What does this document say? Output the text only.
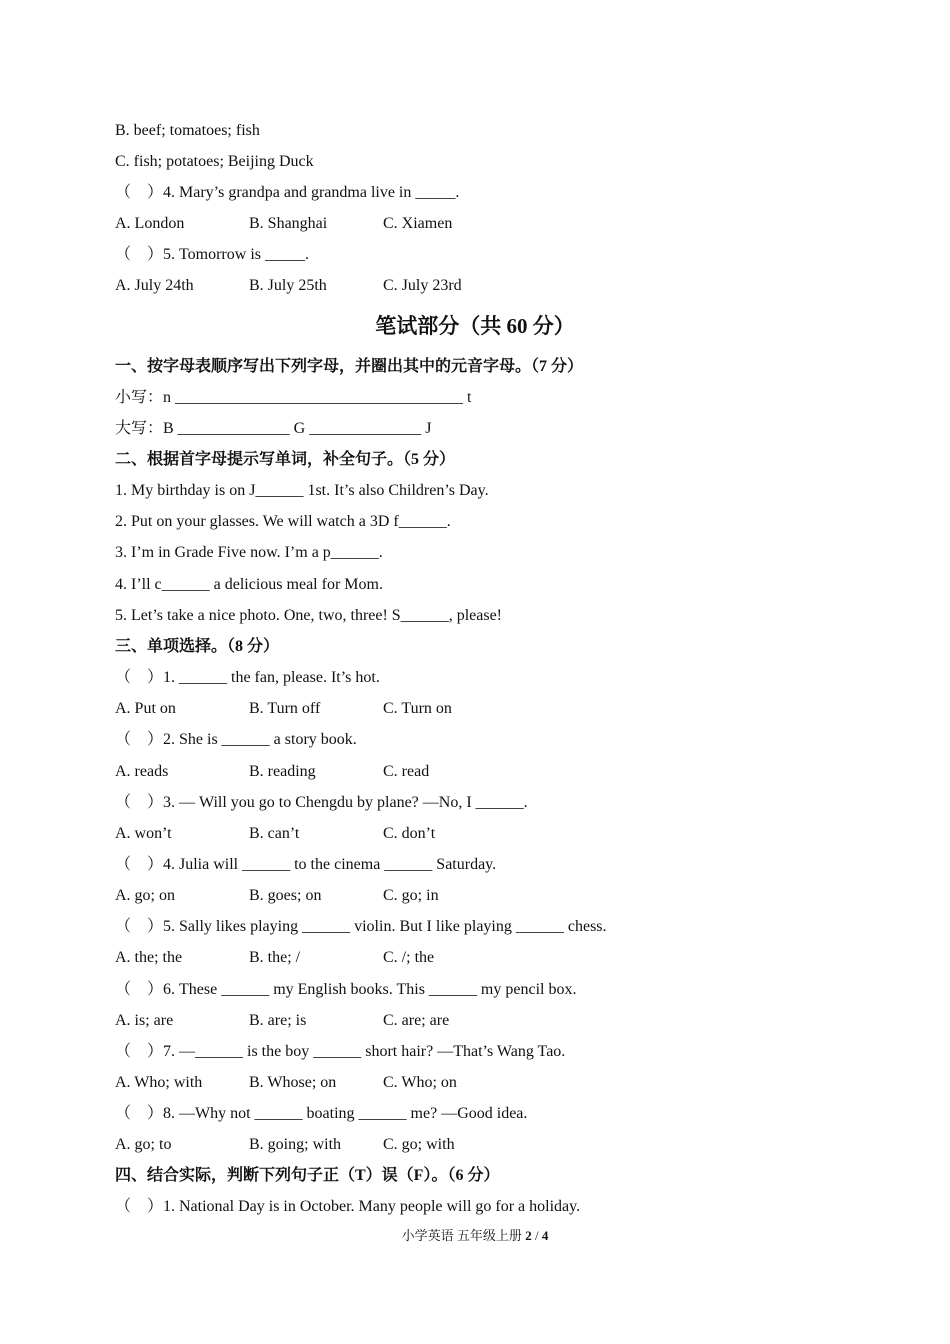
B. beef; tomatoes; fish
C. fish; potatoes; Beijing Duck
（　）4. Mary’s grandpa and grandma live in _____.
A. London	B. Shanghai	C. Xiamen
（　）5. Tomorrow is _____.
A. July 24th	B. July 25th	C. July 23rd
笔试部分（共 60 分）
一、按字母表顺序写出下列字母，并圈出其中的元音字母。（7 分）
小写：n ____________________________________ t
大写：B ______________ G ______________ J
二、根据首字母提示写单词，补全句子。（5 分）
1. My birthday is on J______ 1st. It’s also Children’s Day.
2. Put on your glasses. We will watch a 3D f______.
3. I’m in Grade Five now. I’m a p______.
4. I’ll c______ a delicious meal for Mom.
5. Let’s take a nice photo. One, two, three! S______, please!
三、单项选择。（8 分）
（　）1. ______ the fan, please. It’s hot.
A. Put on	B. Turn off	C. Turn on
（　）2. She is ______ a story book.
A. reads	B. reading	C. read
（　）3. — Will you go to Chengdu by plane? —No, I ______.
A. won’t	B. can’t	C. don’t
（　）4. Julia will ______ to the cinema ______ Saturday.
A. go; on	B. goes; on	C. go; in
（　）5. Sally likes playing ______ violin. But I like playing ______ chess.
A. the; the	B. the; /	C. /; the
（　）6. These ______ my English books. This ______ my pencil box.
A. is; are	B. are; is	C. are; are
（　）7. —______ is the boy ______ short hair? —That’s Wang Tao.
A. Who; with	B. Whose; on	C. Who; on
（　）8. —Why not ______ boating ______ me? —Good idea.
A. go; to	B. going; with	C. go; with
四、结合实际，判断下列句子正（T）误（F）。（6 分）
（　）1. National Day is in October. Many people will go for a holiday.
小学英语 五年级上册 2 / 4
